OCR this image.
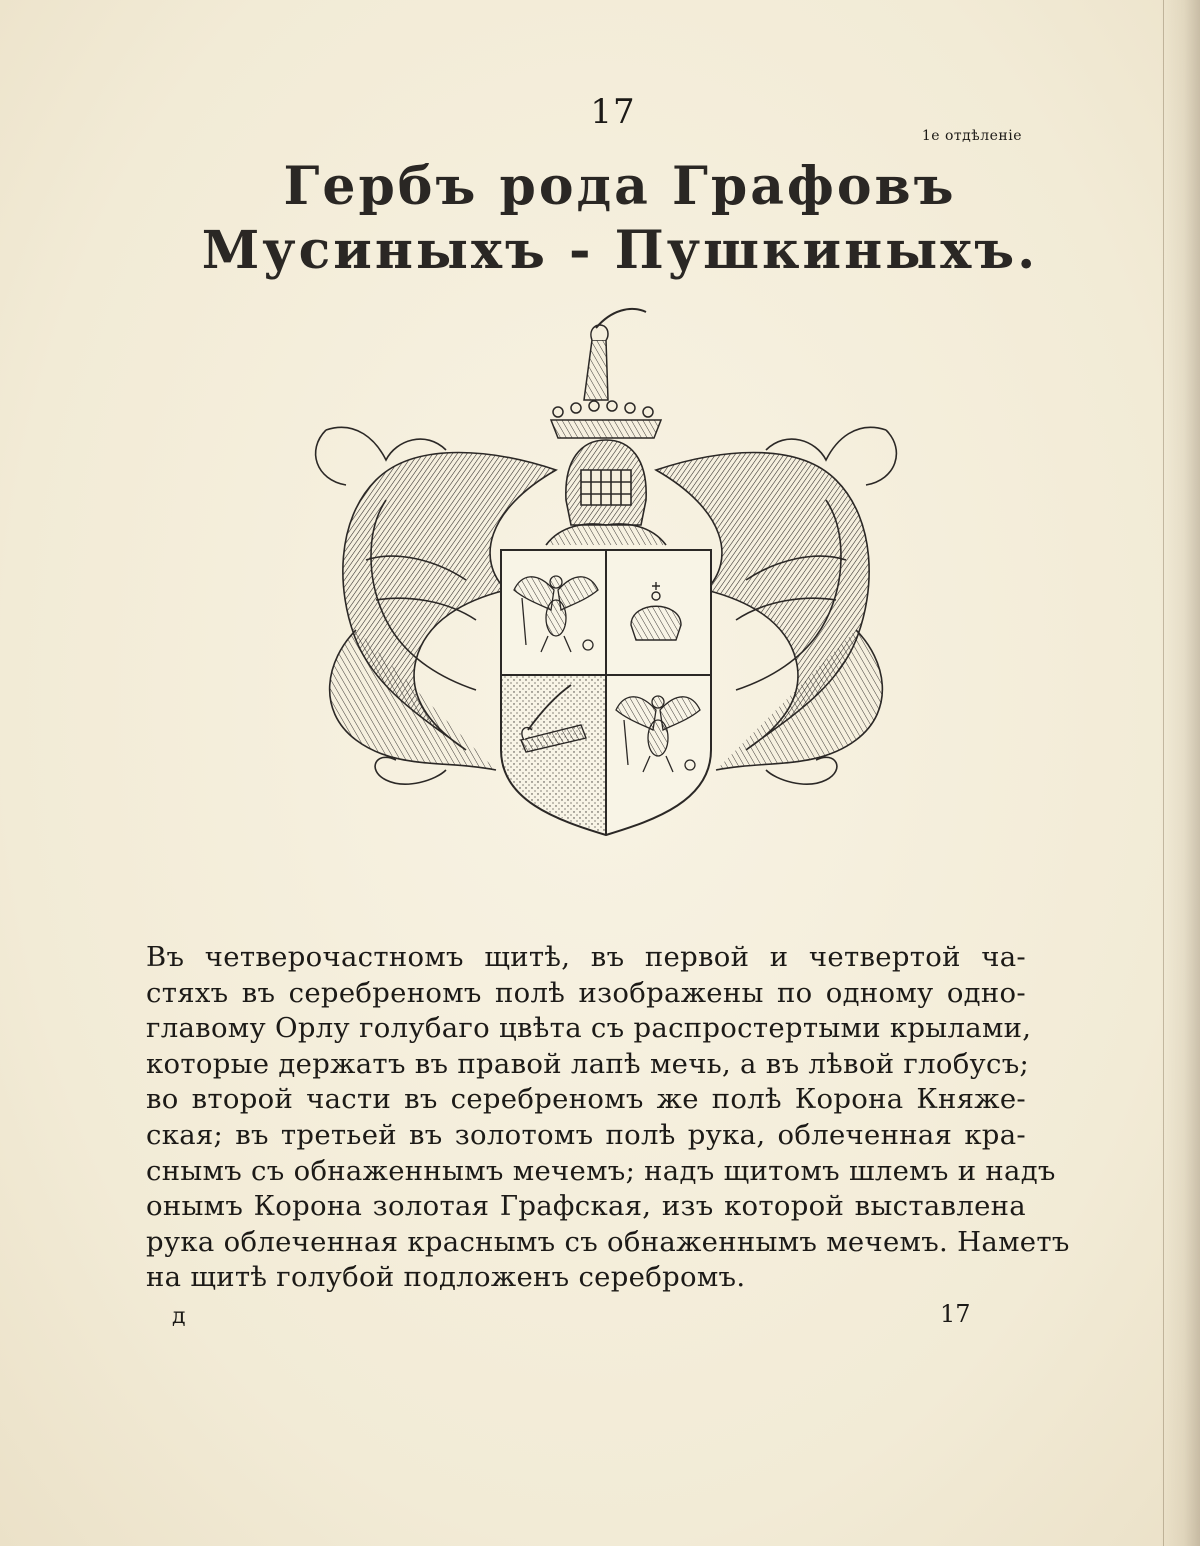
17
1е отдѣленіе
Гербъ рода Графовъ
Мусиныхъ - Пушкиныхъ.
Въ четверочастномъ щитѣ, въ первой и четвертой ча-
стяхъ въ серебреномъ полѣ изображены по одному одно-
главому Орлу голубаго цвѣта съ распростертыми крылами,
которые держатъ въ правой лапѣ мечь, а въ лѣвой глобусъ;
во второй части въ серебреномъ же полѣ Корона Княже-
ская; въ третьей въ золотомъ полѣ рука, облеченная кра-
снымъ съ обнаженнымъ мечемъ; надъ щитомъ шлемъ и надъ
онымъ Корона золотая Графская, изъ которой выставлена
рука облеченная краснымъ съ обнаженнымъ мечемъ. Наметъ
на щитѣ голубой подложенъ серебромъ.
д	17
